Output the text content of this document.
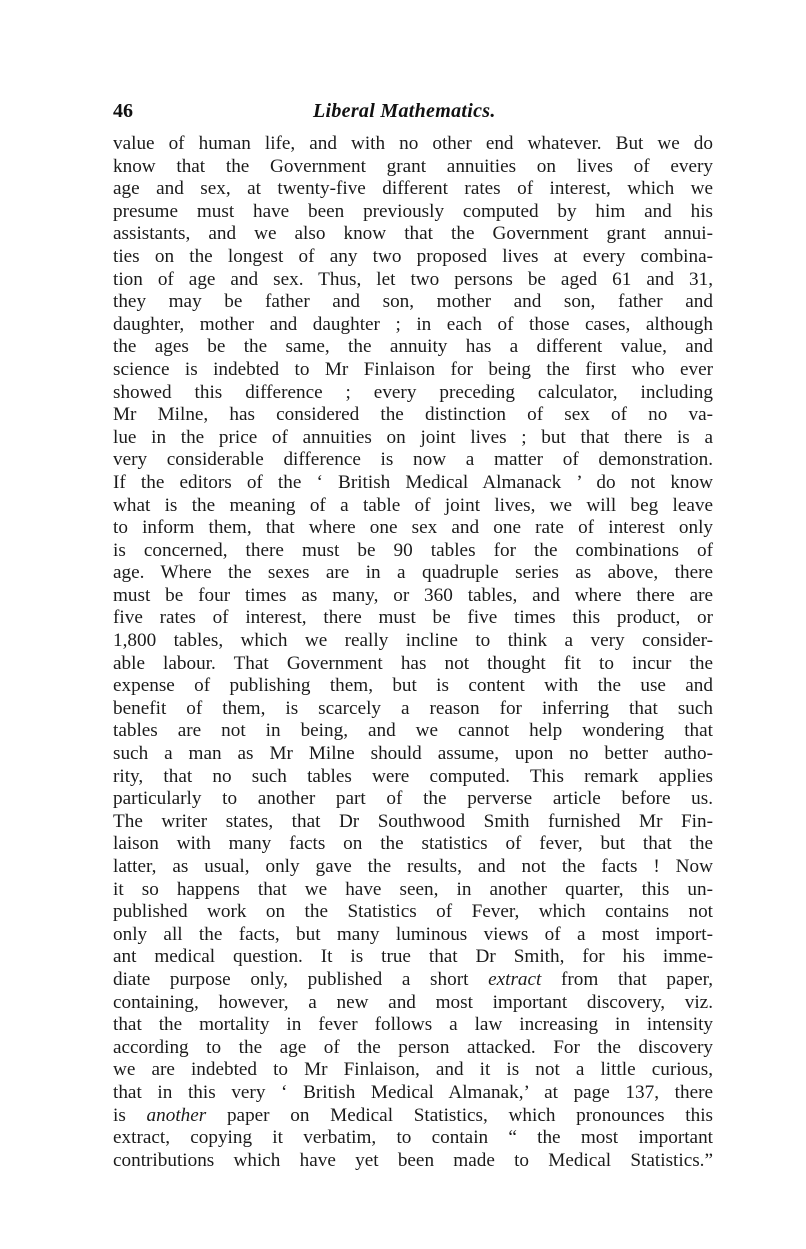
46	Liberal Mathematics.
value of human life, and with no other end whatever. But we do
know that the Government grant annuities on lives of every
age and sex, at twenty-five different rates of interest, which we
presume must have been previously computed by him and his
assistants, and we also know that the Government grant annui-
ties on the longest of any two proposed lives at every combina-
tion of age and sex. Thus, let two persons be aged 61 and 31,
they may be father and son, mother and son, father and
daughter, mother and daughter ; in each of those cases, although
the ages be the same, the annuity has a different value, and
science is indebted to Mr Finlaison for being the first who ever
showed this difference ; every preceding calculator, including
Mr Milne, has considered the distinction of sex of no va-
lue in the price of annuities on joint lives ; but that there is a
very considerable difference is now a matter of demonstration.
If the editors of the ‘ British Medical Almanack ’ do not know
what is the meaning of a table of joint lives, we will beg leave
to inform them, that where one sex and one rate of interest only
is concerned, there must be 90 tables for the combinations of
age. Where the sexes are in a quadruple series as above, there
must be four times as many, or 360 tables, and where there are
five rates of interest, there must be five times this product, or
1,800 tables, which we really incline to think a very consider-
able labour. That Government has not thought fit to incur the
expense of publishing them, but is content with the use and
benefit of them, is scarcely a reason for inferring that such
tables are not in being, and we cannot help wondering that
such a man as Mr Milne should assume, upon no better autho-
rity, that no such tables were computed. This remark applies
particularly to another part of the perverse article before us.
The writer states, that Dr Southwood Smith furnished Mr Fin-
laison with many facts on the statistics of fever, but that the
latter, as usual, only gave the results, and not the facts ! Now
it so happens that we have seen, in another quarter, this un-
published work on the Statistics of Fever, which contains not
only all the facts, but many luminous views of a most import-
ant medical question. It is true that Dr Smith, for his imme-
diate purpose only, published a short extract from that paper,
containing, however, a new and most important discovery, viz.
that the mortality in fever follows a law increasing in intensity
according to the age of the person attacked. For the discovery
we are indebted to Mr Finlaison, and it is not a little curious,
that in this very ‘ British Medical Almanak,’ at page 137, there
is another paper on Medical Statistics, which pronounces this
extract, copying it verbatim, to contain “ the most important
contributions which have yet been made to Medical Statistics.”
